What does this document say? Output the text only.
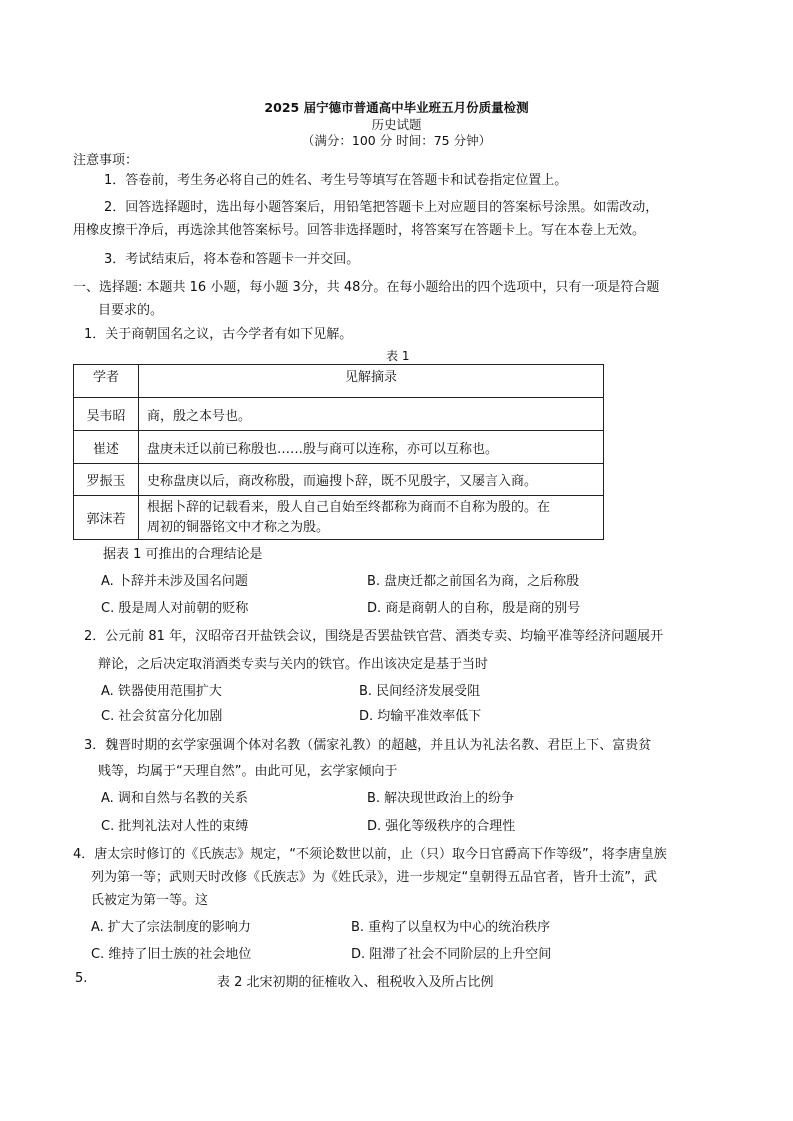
2025 届宁德市普通高中毕业班五月份质量检测
历史试题
（满分：100 分 时间：75 分钟）
注意事项：
1．答卷前，考生务必将自己的姓名、考生号等填写在答题卡和试卷指定位置上。
2．回答选择题时，选出每小题答案后，用铅笔把答题卡上对应题目的答案标号涂黑。如需改动，
用橡皮擦干净后，再选涂其他答案标号。回答非选择题时，将答案写在答题卡上。写在本卷上无效。
3．考试结束后，将本卷和答题卡一并交回。
一、选择题: 本题共 16 小题，每小题 3分，共 48分。在每小题给出的四个选项中，只有一项是符合题
目要求的。
1．关于商朝国名之议，古今学者有如下见解。
表 1
学者	见解摘录
吴韦昭	商，殷之本号也。
崔述	盘庚未迁以前已称殷也……殷与商可以连称，亦可以互称也。
罗振玉	史称盘庚以后，商改称殷，而遍搜卜辞，既不见殷字，又屡言入商。
郭沫若	根据卜辞的记载看来，殷人自己自始至终都称为商而不自称为殷的。在
周初的铜器铭文中才称之为殷。
据表 1 可推出的合理结论是
A. 卜辞并未涉及国名问题	B. 盘庚迁都之前国名为商，之后称殷
C. 殷是周人对前朝的贬称	D. 商是商朝人的自称，殷是商的别号
2．公元前 81 年，汉昭帝召开盐铁会议，围绕是否罢盐铁官营、酒类专卖、均输平准等经济问题展开
辩论，之后决定取消酒类专卖与关内的铁官。作出该决定是基于当时
A. 铁器使用范围扩大	B. 民间经济发展受阻
C. 社会贫富分化加剧	D. 均输平准效率低下
3．魏晋时期的玄学家强调个体对名教（儒家礼教）的超越，并且认为礼法名教、君臣上下、富贵贫
贱等，均属于“天理自然”。由此可见，玄学家倾向于
A. 调和自然与名教的关系	B. 解决现世政治上的纷争
C. 批判礼法对人性的束缚	D. 强化等级秩序的合理性
4．唐太宗时修订的《氏族志》规定，“不须论数世以前，止（只）取今日官爵高下作等级”，将李唐皇族
列为第一等；武则天时改修《氏族志》为《姓氏录》，进一步规定“皇朝得五品官者，皆升士流”，武
氏被定为第一等。这
A. 扩大了宗法制度的影响力	B. 重构了以皇权为中心的统治秩序
C. 维持了旧士族的社会地位	D. 阻滞了社会不同阶层的上升空间
5.	表 2 北宋初期的征榷收入、租税收入及所占比例
